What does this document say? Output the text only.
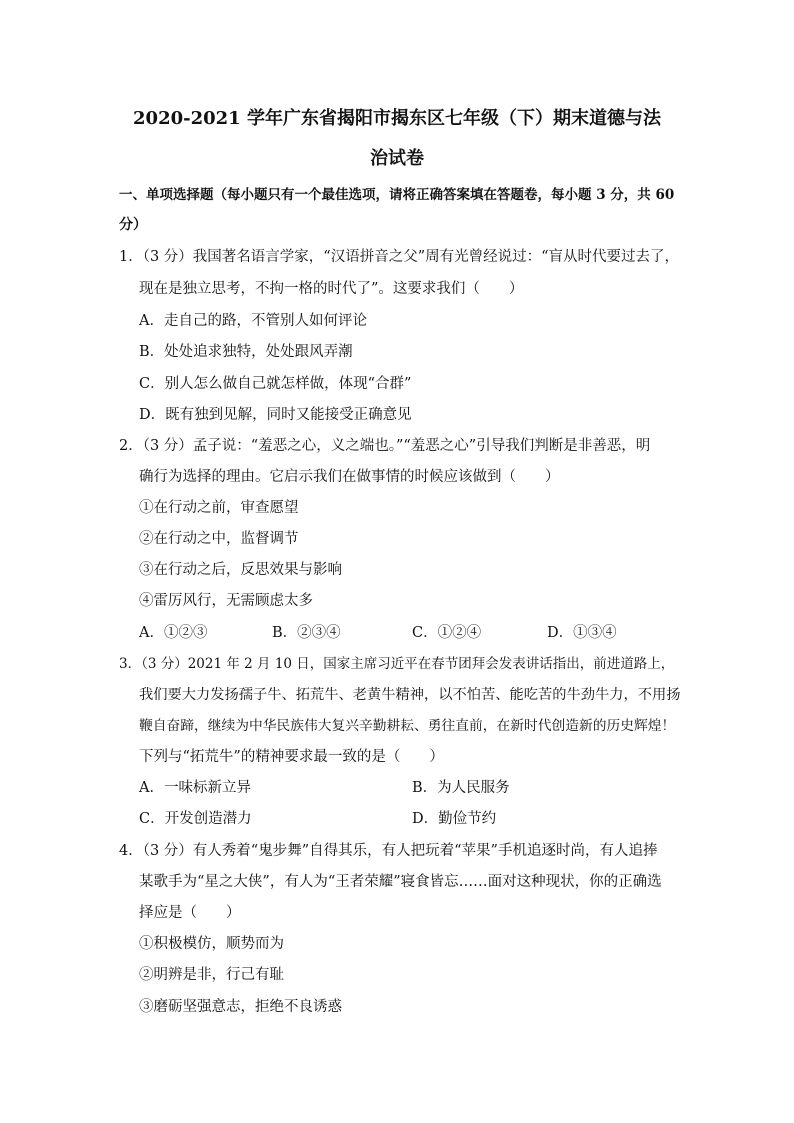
2020-2021 学年广东省揭阳市揭东区七年级（下）期末道德与法
治试卷
一、单项选择题（每小题只有一个最佳选项，请将正确答案填在答题卷，每小题 3 分，共 60
分）
1．（3 分）我国著名语言学家，“汉语拼音之父”周有光曾经说过：“盲从时代要过去了，
现在是独立思考，不拘一格的时代了”。这要求我们（　　）
A．走自己的路，不管别人如何评论
B．处处追求独特，处处跟风弄潮
C．别人怎么做自己就怎样做，体现“合群”
D．既有独到见解，同时又能接受正确意见
2．（3 分）孟子说：“羞恶之心，义之端也。”“羞恶之心”引导我们判断是非善恶，明
确行为选择的理由。它启示我们在做事情的时候应该做到（　　）
①在行动之前，审查愿望
②在行动之中，监督调节
③在行动之后，反思效果与影响
④雷厉风行，无需顾虑太多
A．①②③	B．②③④	C．①②④	D．①③④
3．（3 分）2021 年 2 月 10 日，国家主席习近平在春节团拜会发表讲话指出，前进道路上，
我们要大力发扬孺子牛、拓荒牛、老黄牛精神，以不怕苦、能吃苦的牛劲牛力，不用扬
鞭自奋蹄，继续为中华民族伟大复兴辛勤耕耘、勇往直前，在新时代创造新的历史辉煌！
下列与“拓荒牛”的精神要求最一致的是（　　）
A．一味标新立异	B．为人民服务
C．开发创造潜力	D．勤俭节约
4．（3 分）有人秀着“鬼步舞”自得其乐，有人把玩着“苹果”手机追逐时尚，有人追捧
某歌手为“星之大侠”，有人为“王者荣耀”寝食皆忘……面对这种现状，你的正确选
择应是（　　）
①积极模仿，顺势而为
②明辨是非，行己有耻
③磨砺坚强意志，拒绝不良诱惑
